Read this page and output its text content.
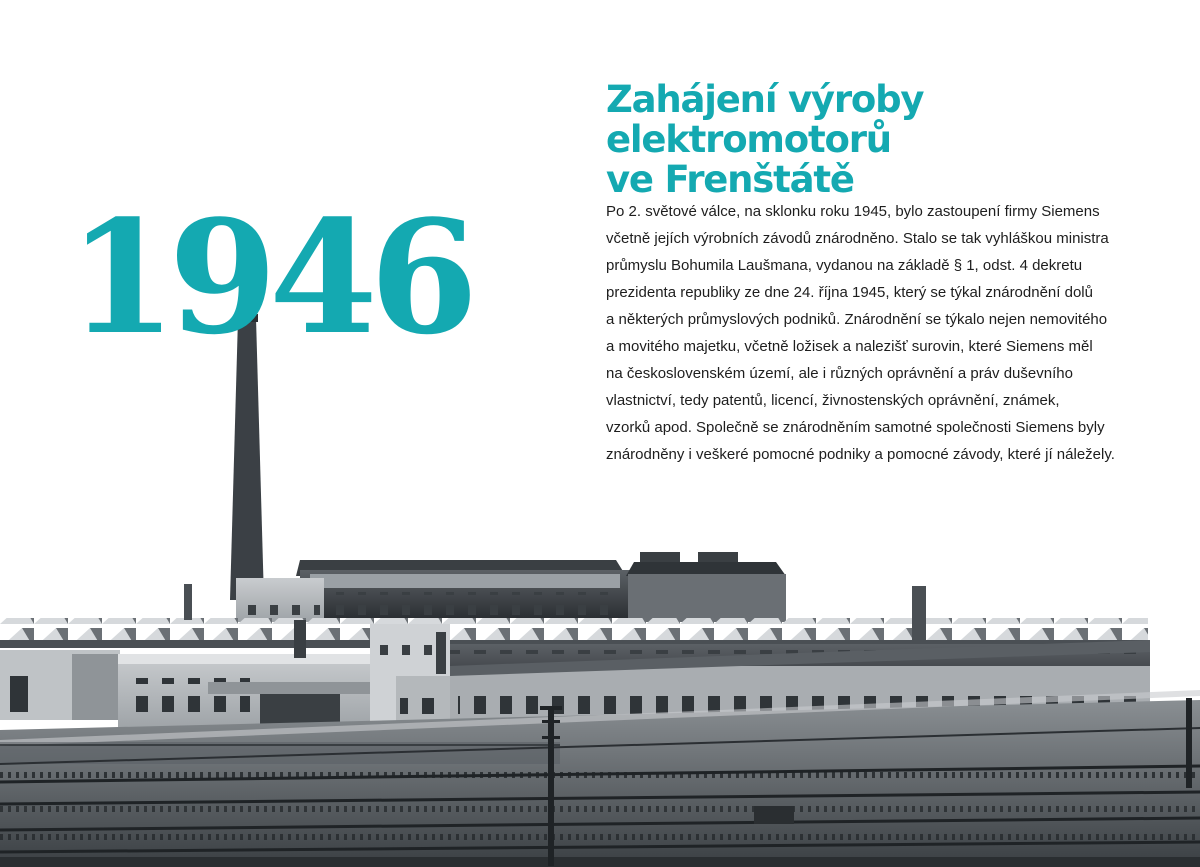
1946
Zahájení výroby elektromotorů
ve Frenštátě

Po 2. světové válce, na sklonku roku 1945, bylo zastoupení firmy Siemens
včetně jejích výrobních závodů znárodněno. Stalo se tak vyhláškou ministra
průmyslu Bohumila Laušmana, vydanou na základě § 1, odst. 4 dekretu
prezidenta republiky ze dne 24. října 1945, který se týkal znárodnění dolů
a některých průmyslových podniků. Znárodnění se týkalo nejen nemovitého
a movitého majetku, včetně ložisek a nalezišť surovin, které Siemens měl
na československém území, ale i různých oprávnění a práv duševního
vlastnictví, tedy patentů, licencí, živnostenských oprávnění, známek,
vzorků apod. Společně se znárodněním samotné společnosti Siemens byly
znárodněny i veškeré pomocné podniky a pomocné závody, které jí náležely.
